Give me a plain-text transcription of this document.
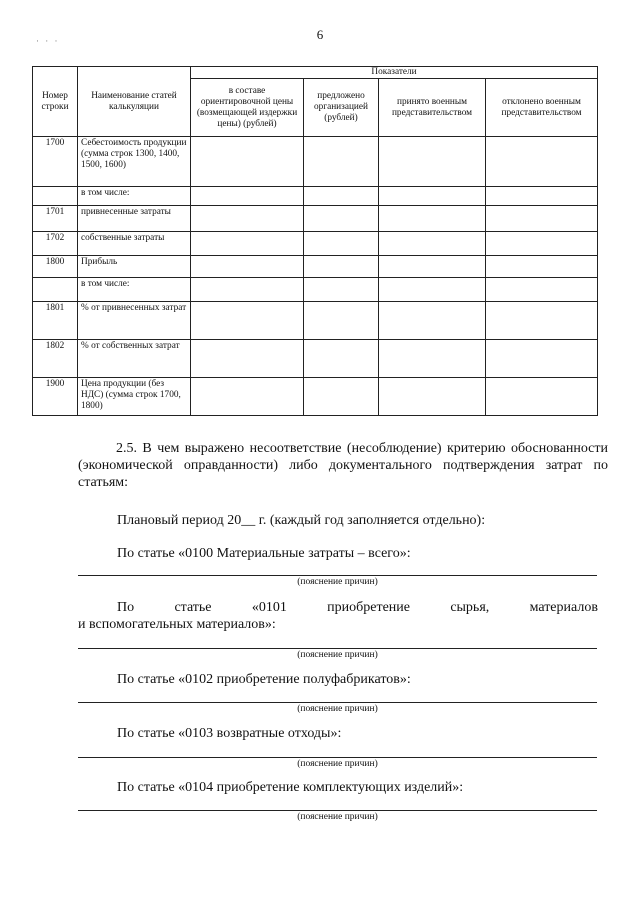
6
· · ·
Номер строки	Наименование статей калькуляции	Показатели			
		в составе ориентировочной цены (возмещающей издержки цены) (рублей)	предложено организацией (рублей)	принято военным представительством	отклонено военным представительством
1700	Себестоимость продукции (сумма строк 1300, 1400, 1500, 1600)				
	в том числе:				
1701	привнесенные затраты				
1702	собственные затраты				
1800	Прибыль				
	в том числе:				
1801	% от привнесенных затрат				
1802	% от собственных затрат				
1900	Цена продукции (без НДС) (сумма строк 1700, 1800)				
2.5. В чем выражено несоответствие (несоблюдение) критерию обоснованности (экономической оправданности) либо документального подтверждения затрат по статьям:
Плановый период 20__ г. (каждый год заполняется отдельно):
По статье «0100 Материальные затраты – всего»:
(пояснение причин)
По	статье	«0101	приобретение	сырья,	материалов
и вспомогательных материалов»:
(пояснение причин)
По статье «0102 приобретение полуфабрикатов»:
(пояснение причин)
По статье «0103 возвратные отходы»:
(пояснение причин)
По статье «0104 приобретение комплектующих изделий»:
(пояснение причин)
